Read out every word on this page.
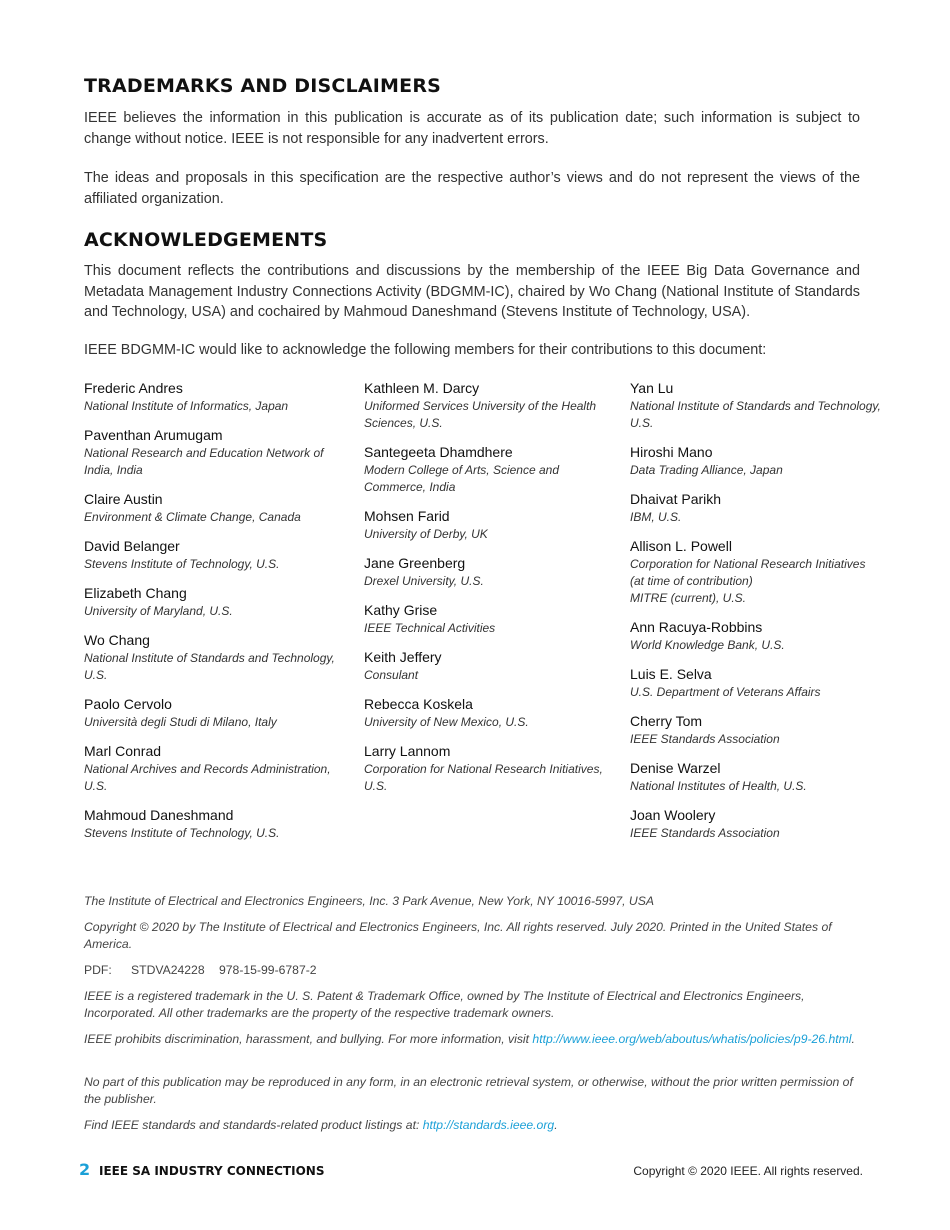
TRADEMARKS AND DISCLAIMERS

IEEE believes the information in this publication is accurate as of its publication date; such information is subject to change without notice. IEEE is not responsible for any inadvertent errors.

The ideas and proposals in this specification are the respective author’s views and do not represent the views of the affiliated organization.

ACKNOWLEDGEMENTS

This document reflects the contributions and discussions by the membership of the IEEE Big Data Governance and Metadata Management Industry Connections Activity (BDGMM-IC), chaired by Wo Chang (National Institute of Standards and Technology, USA) and cochaired by Mahmoud Daneshmand (Stevens Institute of Technology, USA).

IEEE BDGMM-IC would like to acknowledge the following members for their contributions to this document:

Frederic Andres
National Institute of Informatics, Japan
Paventhan Arumugam
National Research and Education Network of India, India
Claire Austin
Environment & Climate Change, Canada
David Belanger
Stevens Institute of Technology, U.S.
Elizabeth Chang
University of Maryland, U.S.
Wo Chang
National Institute of Standards and Technology, U.S.
Paolo Cervolo
Università degli Studi di Milano, Italy
Marl Conrad
National Archives and Records Administration, U.S.
Mahmoud Daneshmand
Stevens Institute of Technology, U.S.
Kathleen M. Darcy
Uniformed Services University of the Health Sciences, U.S.
Santegeeta Dhamdhere
Modern College of Arts, Science and Commerce, India
Mohsen Farid
University of Derby, UK
Jane Greenberg
Drexel University, U.S.
Kathy Grise
IEEE Technical Activities
Keith Jeffery
Consulant
Rebecca Koskela
University of New Mexico, U.S.
Larry Lannom
Corporation for National Research Initiatives, U.S.
Yan Lu
National Institute of Standards and Technology, U.S.
Hiroshi Mano
Data Trading Alliance, Japan
Dhaivat Parikh
IBM, U.S.
Allison L. Powell
Corporation for National Research Initiatives
(at time of contribution)
MITRE (current), U.S.
Ann Racuya-Robbins
World Knowledge Bank, U.S.
Luis E. Selva
U.S. Department of Veterans Affairs
Cherry Tom
IEEE Standards Association
Denise Warzel
National Institutes of Health, U.S.
Joan Woolery
IEEE Standards Association

The Institute of Electrical and Electronics Engineers, Inc. 3 Park Avenue, New York, NY 10016-5997, USA

Copyright © 2020 by The Institute of Electrical and Electronics Engineers, Inc. All rights reserved. July 2020. Printed in the United States of America.

PDF: STDVA24228 978-15-99-6787-2

IEEE is a registered trademark in the U. S. Patent & Trademark Office, owned by The Institute of Electrical and Electronics Engineers, Incorporated. All other trademarks are the property of the respective trademark owners.

IEEE prohibits discrimination, harassment, and bullying. For more information, visit http://www.ieee.org/web/aboutus/whatis/policies/p9-26.html.

No part of this publication may be reproduced in any form, in an electronic retrieval system, or otherwise, without the prior written permission of the publisher.

Find IEEE standards and standards-related product listings at: http://standards.ieee.org.

2 IEEE SA INDUSTRY CONNECTIONS	Copyright © 2020 IEEE. All rights reserved.
